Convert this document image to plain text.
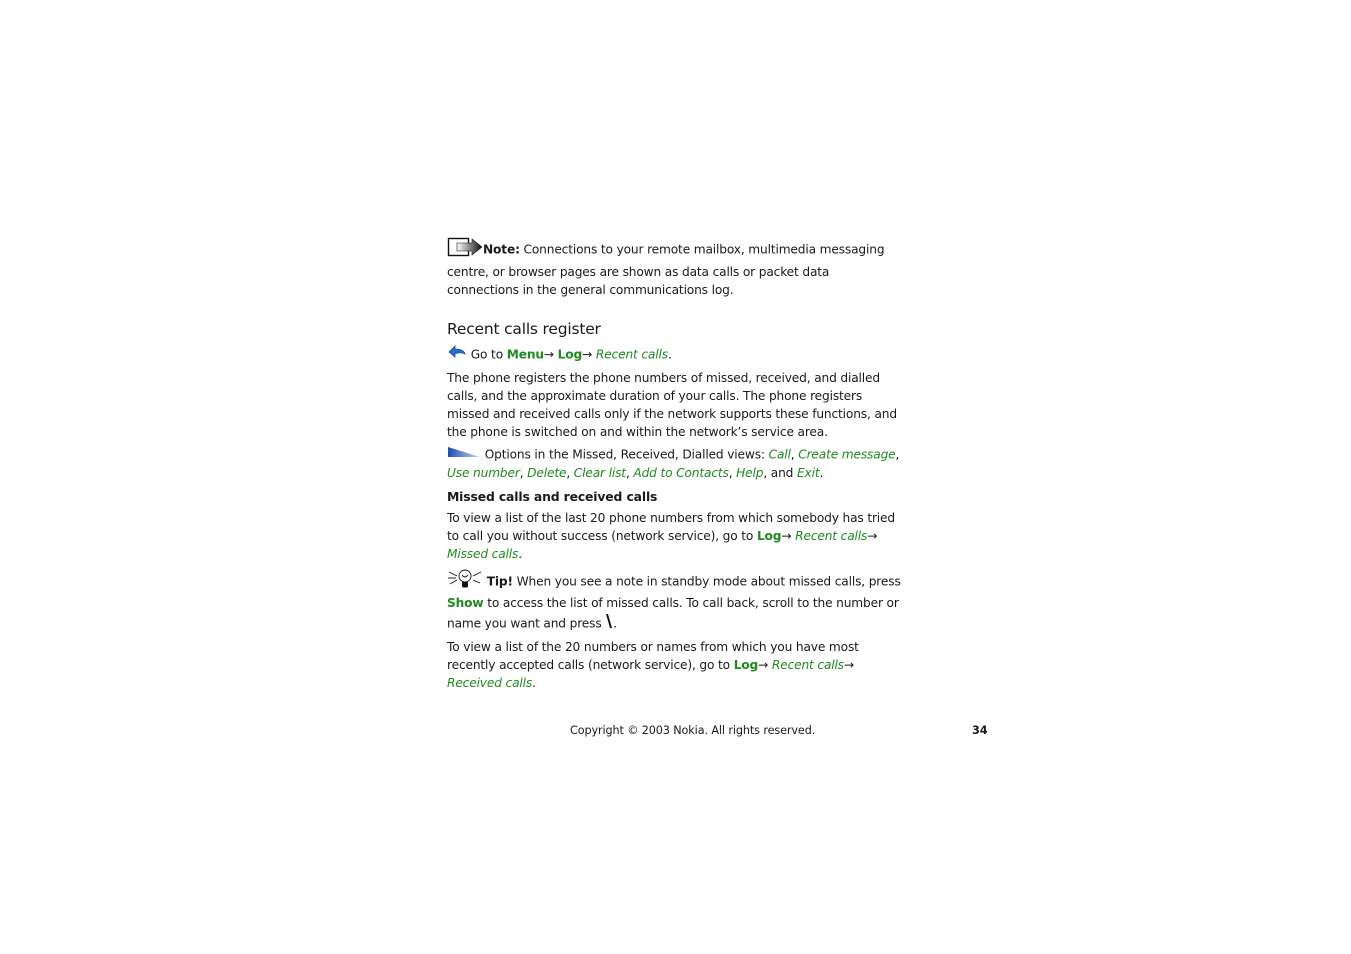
Note: Connections to your remote mailbox, multimedia messaging centre, or browser pages are shown as data calls or packet data connections in the general communications log.

Recent calls register

Go to Menu→ Log→ Recent calls.

The phone registers the phone numbers of missed, received, and dialled calls, and the approximate duration of your calls. The phone registers missed and received calls only if the network supports these functions, and the phone is switched on and within the network’s service area.

Options in the Missed, Received, Dialled views: Call, Create message, Use number, Delete, Clear list, Add to Contacts, Help, and Exit.

Missed calls and received calls

To view a list of the last 20 phone numbers from which somebody has tried to call you without success (network service), go to Log→ Recent calls→ Missed calls.

Tip! When you see a note in standby mode about missed calls, press Show to access the list of missed calls. To call back, scroll to the number or name you want and press .

To view a list of the 20 numbers or names from which you have most recently accepted calls (network service), go to Log→ Recent calls→ Received calls.

Copyright © 2003 Nokia. All rights reserved.	34
